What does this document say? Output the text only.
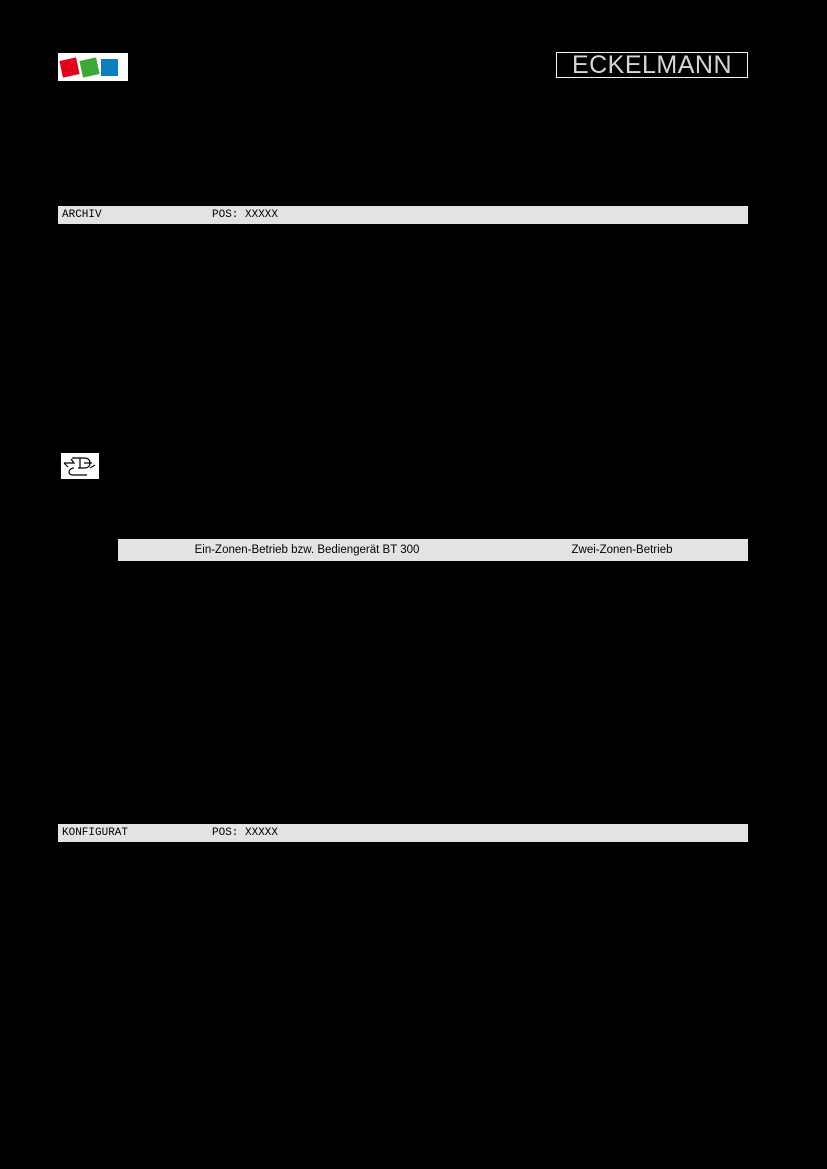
ECKELMANN
ARCHIV	POS: XXXXX
Ein-Zonen-Betrieb bzw. Bediengerät BT 300	Zwei-Zonen-Betrieb
KONFIGURAT	POS: XXXXX
